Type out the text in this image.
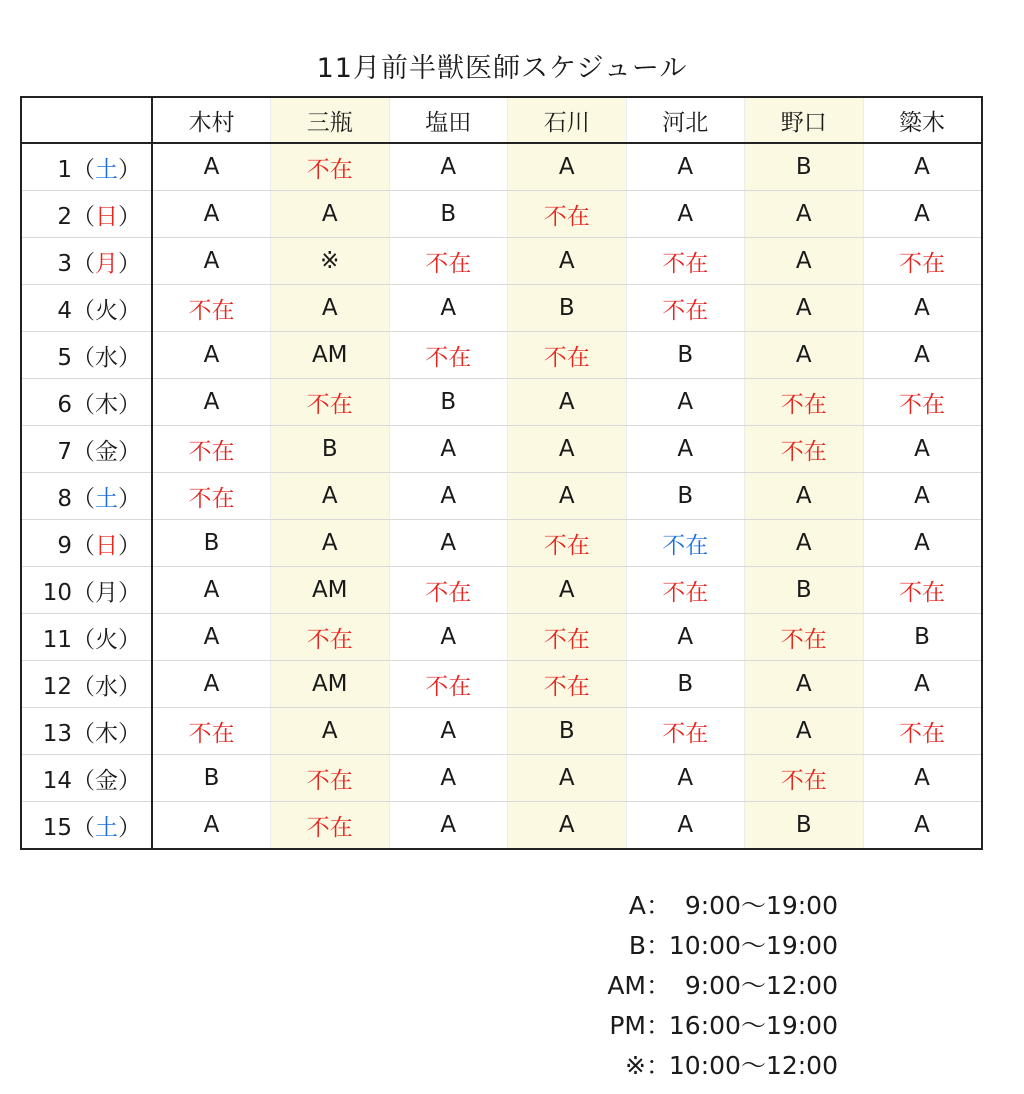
11月前半獣医師スケジュール
	木村	三瓶	塩田	石川	河北	野口	簗木
1（土）	A	不在	A	A	A	B	A
2（日）	A	A	B	不在	A	A	A
3（月）	A	※	不在	A	不在	A	不在
4（火）	不在	A	A	B	不在	A	A
5（水）	A	AM	不在	不在	B	A	A
6（木）	A	不在	B	A	A	不在	不在
7（金）	不在	B	A	A	A	不在	A
8（土）	不在	A	A	A	B	A	A
9（日）	B	A	A	不在	不在	A	A
10（月）	A	AM	不在	A	不在	B	不在
11（火）	A	不在	A	不在	A	不在	B
12（水）	A	AM	不在	不在	B	A	A
13（木）	不在	A	A	B	不在	A	不在
14（金）	B	不在	A	A	A	不在	A
15（土）	A	不在	A	A	A	B	A
A ： 9:00〜19:00
B ：
10:00〜19:00
AM ： 9:00〜12:00
PM ：
16:00〜19:00
※ ：
10:00〜12:00
